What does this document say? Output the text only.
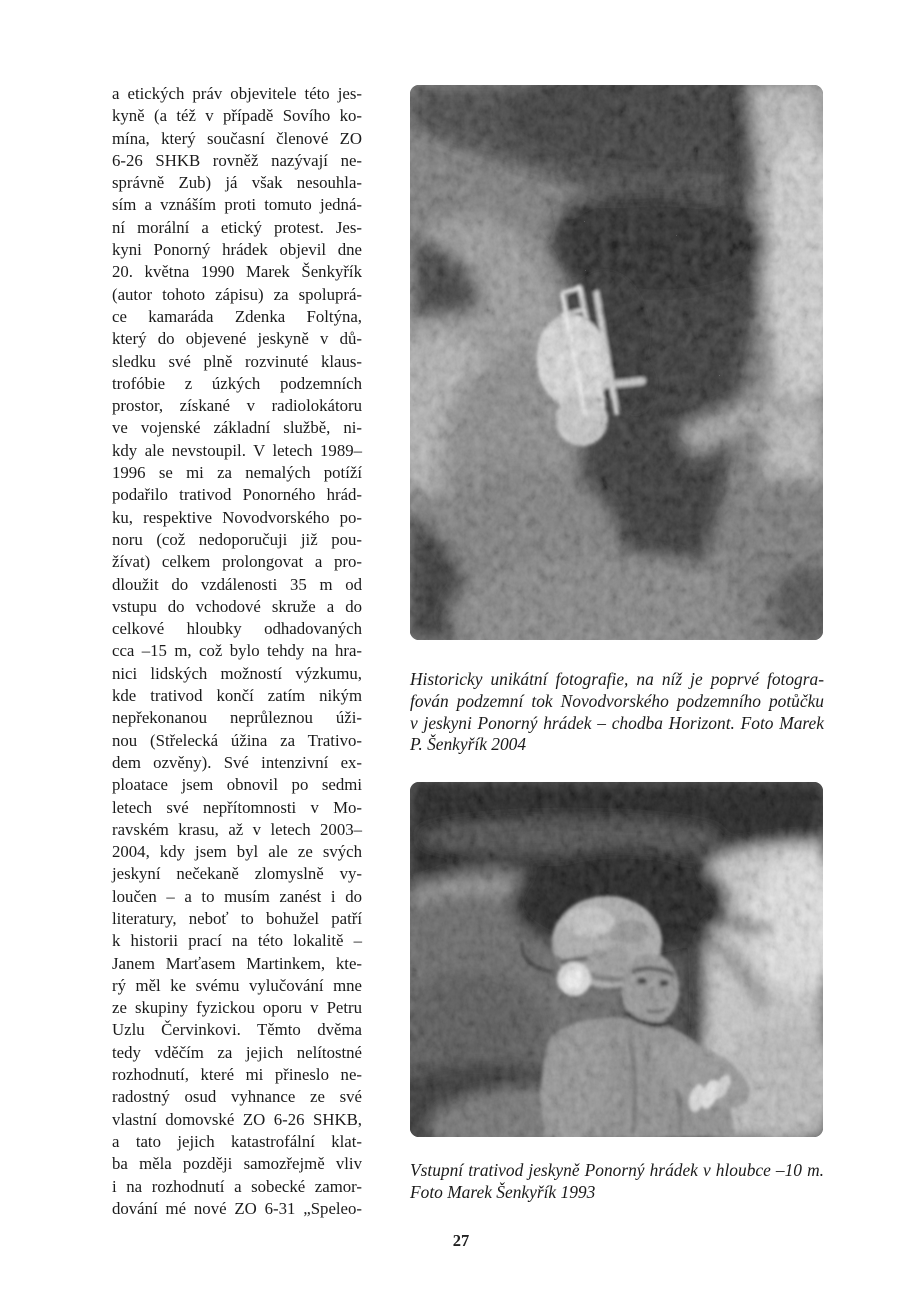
a etických práv objevitele této jes-
kyně (a též v případě Sovího ko-
mína, který současní členové ZO
6-26 SHKB rovněž nazývají ne-
správně Zub) já však nesouhla-
sím a vznáším proti tomuto jedná-
ní morální a etický protest. Jes-
kyni Ponorný hrádek objevil dne
20. května 1990 Marek Šenkyřík
(autor tohoto zápisu) za spoluprá-
ce kamaráda Zdenka Foltýna,
který do objevené jeskyně v dů-
sledku své plně rozvinuté klaus-
trofóbie z úzkých podzemních
prostor, získané v radiolokátoru
ve vojenské základní službě, ni-
kdy ale nevstoupil. V letech 1989–
1996 se mi za nemalých potíží
podařilo trativod Ponorného hrád-
ku, respektive Novodvorského po-
noru (což nedoporučuji již pou-
žívat) celkem prolongovat a pro-
dloužit do vzdálenosti 35 m od
vstupu do vchodové skruže a do
celkové hloubky odhadovaných
cca –15 m, což bylo tehdy na hra-
nici lidských možností výzkumu,
kde trativod končí zatím nikým
nepřekonanou neprůleznou úži-
nou (Střelecká úžina za Trativo-
dem ozvěny). Své intenzivní ex-
ploatace jsem obnovil po sedmi
letech své nepřítomnosti v Mo-
ravském krasu, až v letech 2003–
2004, kdy jsem byl ale ze svých
jeskyní nečekaně zlomyslně vy-
loučen – a to musím zanést i do
literatury, neboť to bohužel patří
k historii prací na této lokalitě –
Janem Marťasem Martinkem, kte-
rý měl ke svému vylučování mne
ze skupiny fyzickou oporu v Petru
Uzlu Červinkovi. Těmto dvěma
tedy vděčím za jejich nelítostné
rozhodnutí, které mi přineslo ne-
radostný osud vyhnance ze své
vlastní domovské ZO 6-26 SHKB,
a tato jejich katastrofální klat-
ba měla později samozřejmě vliv
i na rozhodnutí a sobecké zamor-
dování mé nové ZO 6-31 „Speleo-
Historicky unikátní fotografie, na níž je poprvé fotogra-
fován podzemní tok Novodvorského podzemního potůčku
v jeskyni Ponorný hrádek – chodba Horizont. Foto Marek
P. Šenkyřík 2004
Vstupní trativod jeskyně Ponorný hrádek v hloubce –10 m.
Foto Marek Šenkyřík 1993
27
